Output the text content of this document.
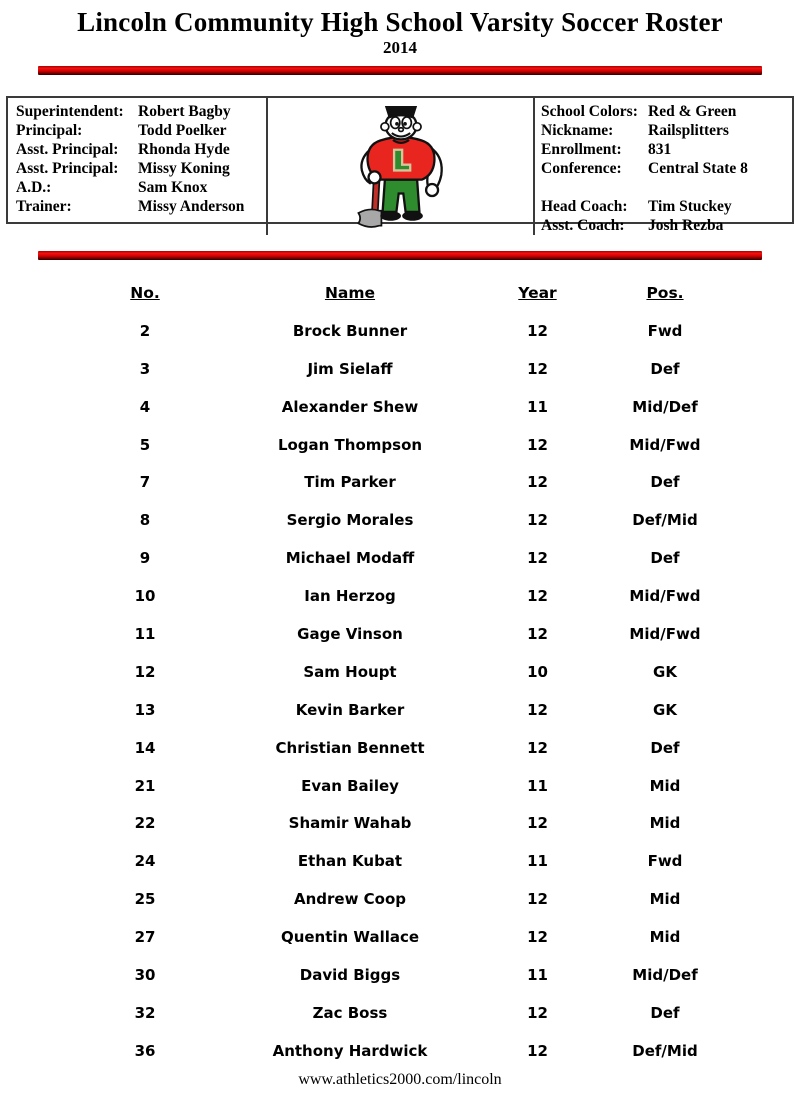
Lincoln Community High School Varsity Soccer Roster
2014
Superintendent: Robert Bagby
Principal:	Todd Poelker
Asst. Principal:	Rhonda Hyde
Asst. Principal:	Missy Koning
A.D.:	Sam Knox
Trainer:	Missy Anderson
School Colors: Red & Green
Nickname:	Railsplitters
Enrollment:	831
Conference:	Central State 8
Head Coach:	Tim Stuckey
Asst. Coach:	Josh Rezba
No.	Name	Year	Pos.
2	Brock Bunner	12	Fwd
3	Jim Sielaff	12	Def
4	Alexander Shew	11	Mid/Def
5	Logan Thompson	12	Mid/Fwd
7	Tim Parker	12	Def
8	Sergio Morales	12	Def/Mid
9	Michael Modaff	12	Def
10	Ian Herzog	12	Mid/Fwd
11	Gage Vinson	12	Mid/Fwd
12	Sam Houpt	10	GK
13	Kevin Barker	12	GK
14	Christian Bennett	12	Def
21	Evan Bailey	11	Mid
22	Shamir Wahab	12	Mid
24	Ethan Kubat	11	Fwd
25	Andrew Coop	12	Mid
27	Quentin Wallace	12	Mid
30	David Biggs	11	Mid/Def
32	Zac Boss	12	Def
36	Anthony Hardwick	12	Def/Mid
www.athletics2000.com/lincoln
